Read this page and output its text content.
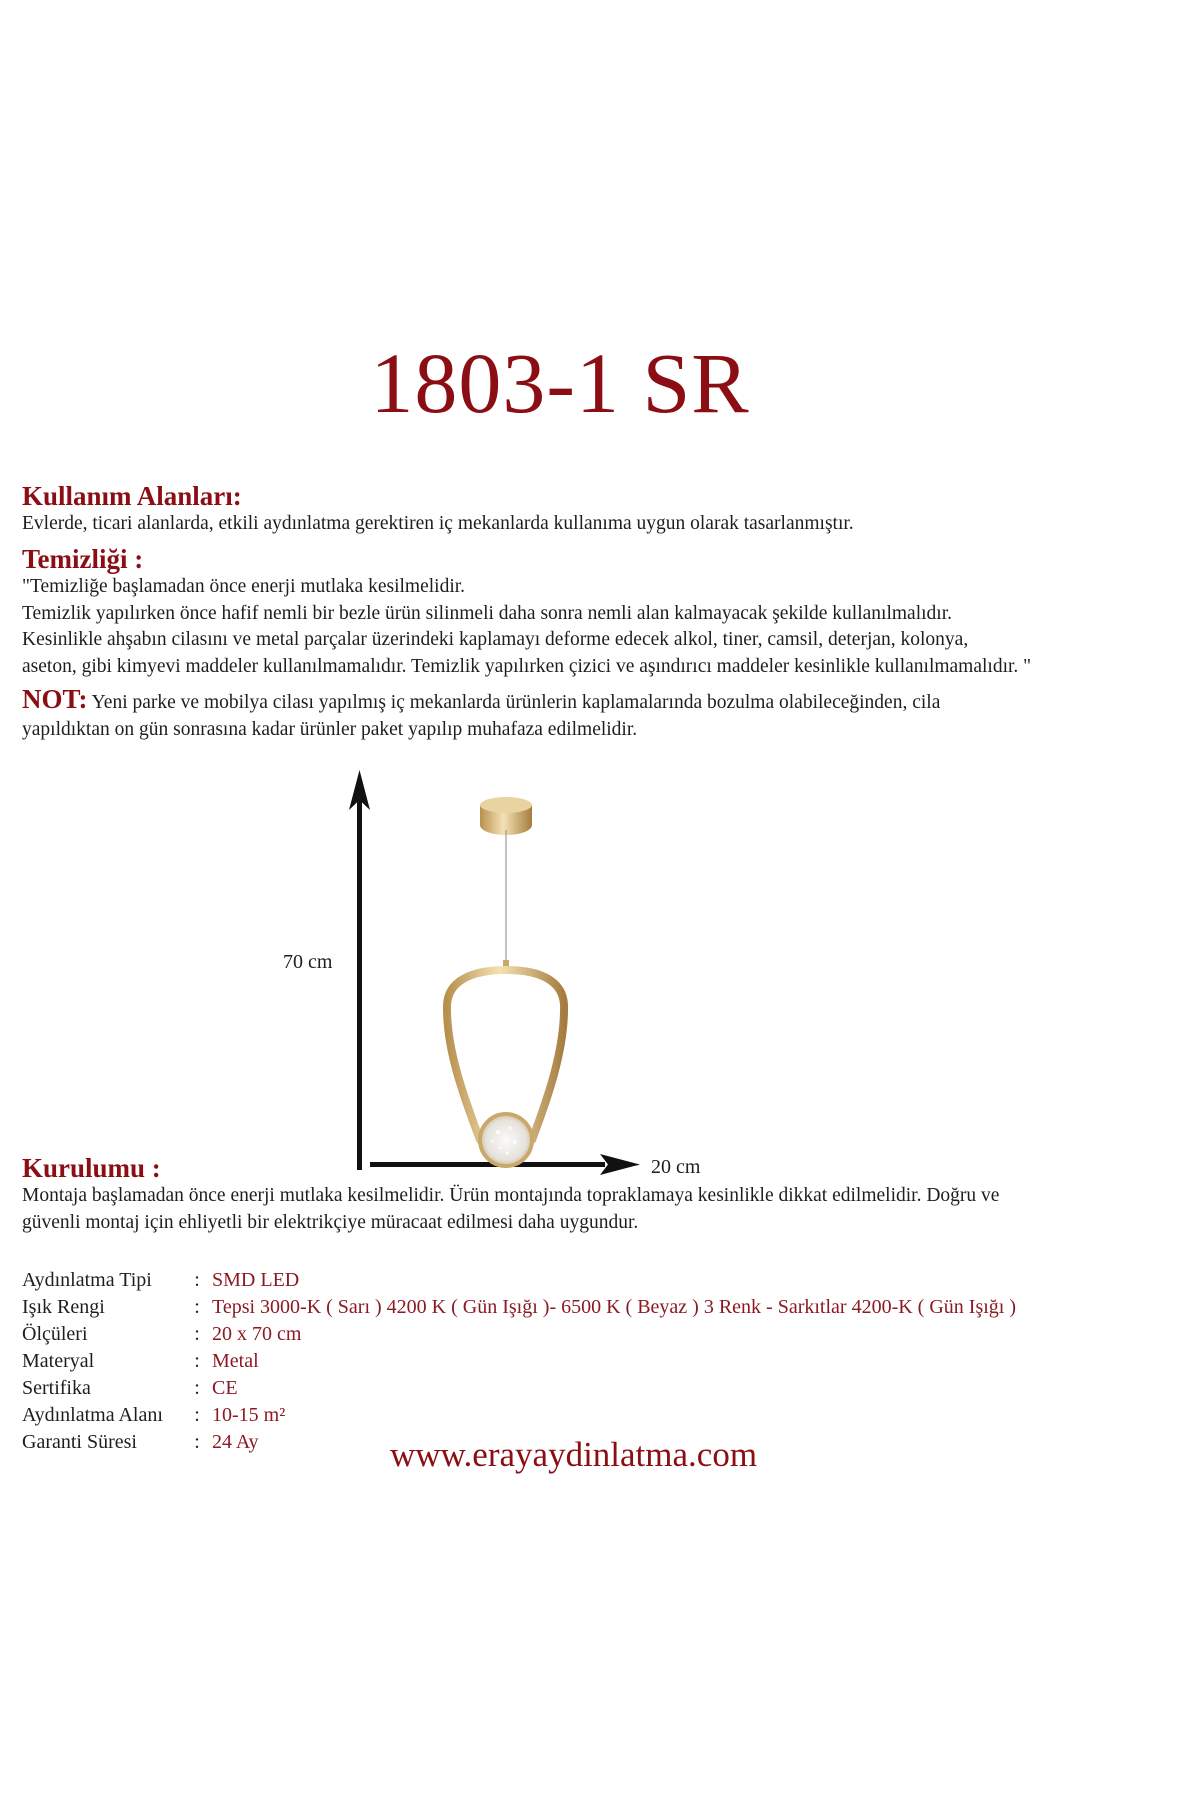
1803-1 SR
Kullanım Alanları:
Evlerde, ticari alanlarda, etkili aydınlatma gerektiren iç mekanlarda kullanıma uygun olarak tasarlanmıştır.
Temizliği :
"Temizliğe başlamadan önce enerji mutlaka kesilmelidir.
Temizlik yapılırken önce hafif nemli bir bezle ürün silinmeli daha sonra nemli alan kalmayacak şekilde kullanılmalıdır.
Kesinlikle ahşabın cilasını ve metal parçalar üzerindeki kaplamayı deforme edecek alkol, tiner, camsil, deterjan, kolonya,
aseton, gibi kimyevi maddeler kullanılmamalıdır. Temizlik yapılırken çizici ve aşındırıcı maddeler kesinlikle kullanılmamalıdır. "
NOT: Yeni parke ve mobilya cilası yapılmış iç mekanlarda ürünlerin kaplamalarında bozulma olabileceğinden, cila
yapıldıktan on gün sonrasına kadar ürünler paket yapılıp muhafaza edilmelidir.
70 cm
20 cm
Kurulumu :
Montaja başlamadan önce enerji mutlaka kesilmelidir. Ürün montajında topraklamaya kesinlikle dikkat edilmelidir. Doğru ve
güvenli montaj için ehliyetli bir elektrikçiye müracaat edilmesi daha uygundur.
Aydınlatma Tipi	: SMD LED
Işık Rengi	: Tepsi 3000-K ( Sarı ) 4200 K ( Gün Işığı )- 6500 K ( Beyaz ) 3 Renk - Sarkıtlar 4200-K ( Gün Işığı )
Ölçüleri	: 20 x 70 cm
Materyal	: Metal
Sertifika	: CE
Aydınlatma Alanı	: 10-15 m²
Garanti Süresi	: 24 Ay	www.erayaydinlatma.com
